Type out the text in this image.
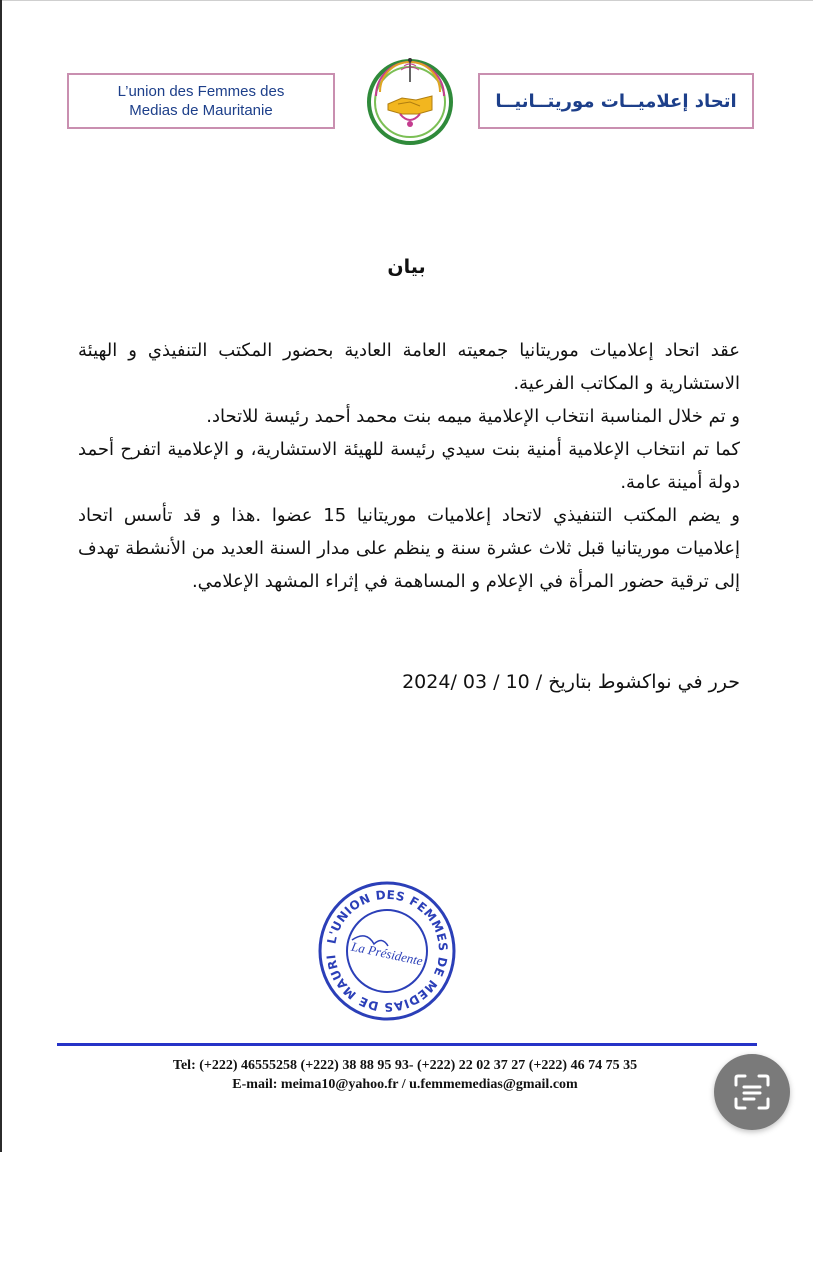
L’union des Femmes des
Medias de Mauritanie	اتحاد إعلاميــات موريتــانيــا
بيان

عقد اتحاد إعلاميات موريتانيا جمعيته العامة العادية بحضور المكتب التنفيذي و الهيئة الاستشارية و المكاتب الفرعية.

و تم خلال المناسبة انتخاب الإعلامية ميمه بنت محمد أحمد رئيسة للاتحاد.

كما تم انتخاب الإعلامية أمنية بنت سيدي رئيسة للهيئة الاستشارية، و الإعلامية اتفرح أحمد دولة أمينة عامة.

و يضم المكتب التنفيذي لاتحاد إعلاميات موريتانيا 15 عضوا .هذا و قد تأسس اتحاد إعلاميات موريتانيا قبل ثلاث عشرة سنة و ينظم على مدار السنة العديد من الأنشطة تهدف إلى ترقية حضور المرأة في الإعلام و المساهمة في إثراء المشهد الإعلامي.

حرر في نواكشوط بتاريخ / 10 / 03 /2024
L'UNION DES FEMMES DE MEDIAS DE MAURI La Présidente
Tel: (+222) 46555258 (+222) 38 88 95 93- (+222) 22 02 37 27 (+222) 46 74 75 35
E-mail: meima10@yahoo.fr / u.femmemedias@gmail.com
